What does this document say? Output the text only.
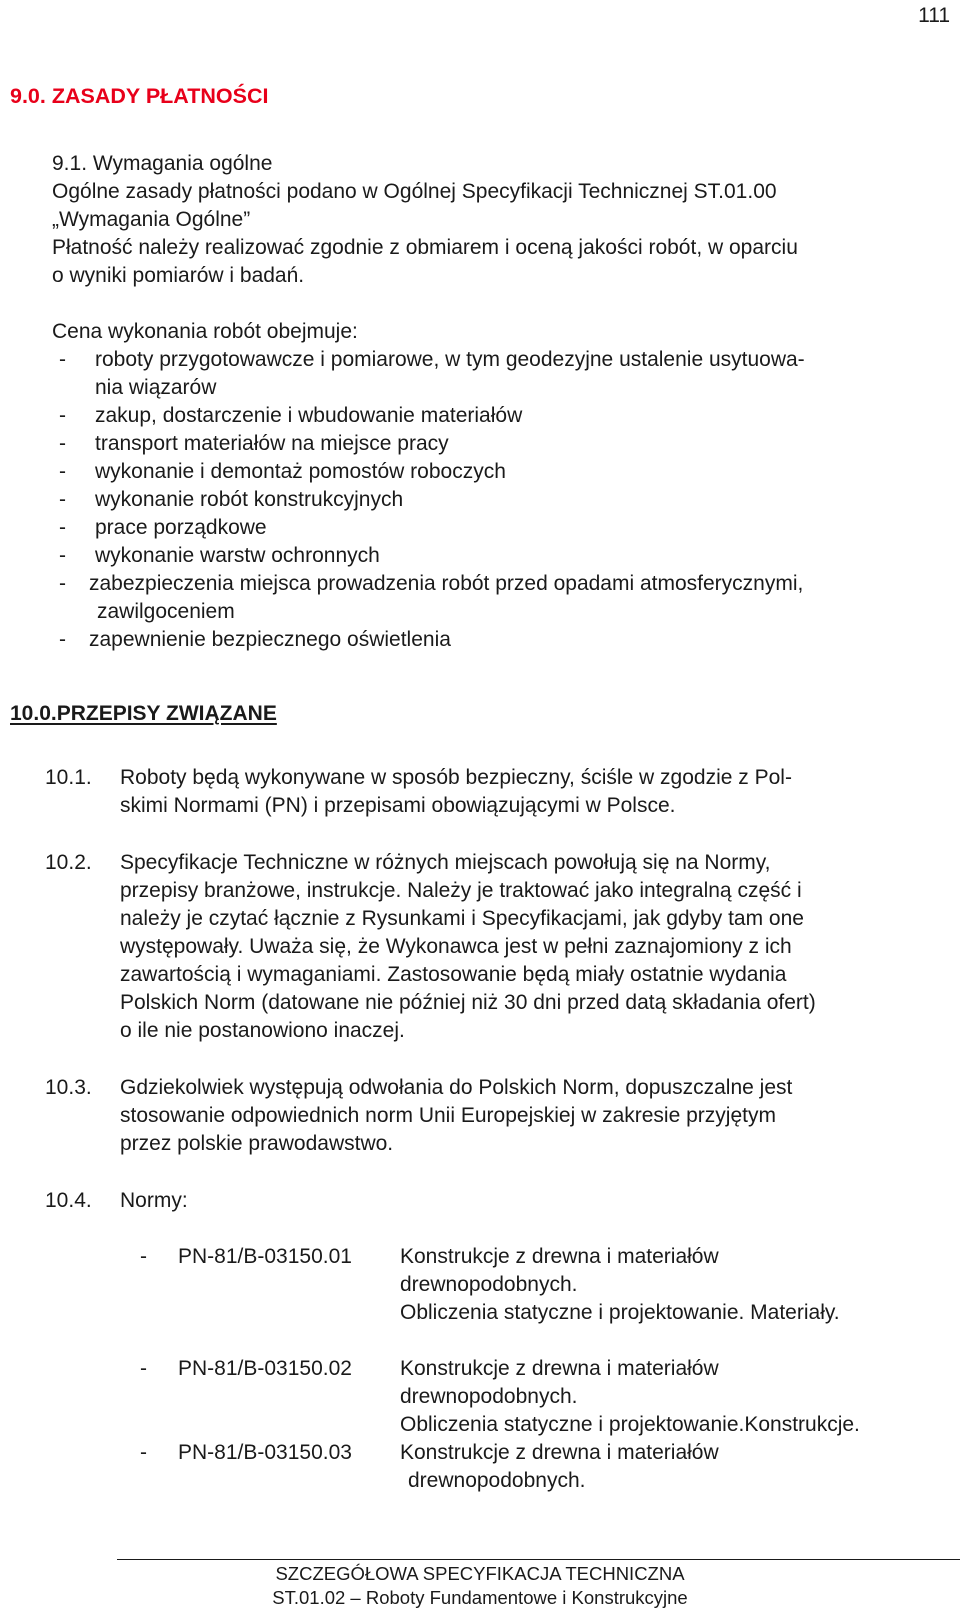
111
9.0. ZASADY PŁATNOŚCI
9.1. Wymagania ogólne
Ogólne zasady płatności podano w Ogólnej Specyfikacji Technicznej ST.01.00
„Wymagania Ogólne”
Płatność należy realizować zgodnie z obmiarem i oceną jakości robót, w oparciu
o wyniki pomiarów i badań.
Cena wykonania robót obejmuje:
- roboty przygotowawcze i pomiarowe, w tym geodezyjne ustalenie usytuowa-
nia wiązarów
- zakup, dostarczenie i wbudowanie materiałów
- transport materiałów na miejsce pracy
- wykonanie i demontaż pomostów roboczych
- wykonanie robót konstrukcyjnych
- prace porządkowe
- wykonanie warstw ochronnych
- zabezpieczenia miejsca prowadzenia robót przed opadami atmosferycznymi,
zawilgoceniem
- zapewnienie bezpiecznego oświetlenia
10.0.PRZEPISY ZWIĄZANE
10.1. Roboty będą wykonywane w sposób bezpieczny, ściśle w zgodzie z Pol-
skimi Normami (PN) i przepisami obowiązującymi w Polsce.
10.2. Specyfikacje Techniczne w różnych miejscach powołują się na Normy,
przepisy branżowe, instrukcje. Należy je traktować jako integralną część i
należy je czytać łącznie z Rysunkami i Specyfikacjami, jak gdyby tam one
występowały. Uważa się, że Wykonawca jest w pełni zaznajomiony z ich
zawartością i wymaganiami. Zastosowanie będą miały ostatnie wydania
Polskich Norm (datowane nie później niż 30 dni przed datą składania ofert)
o ile nie postanowiono inaczej.
10.3. Gdziekolwiek występują odwołania do Polskich Norm, dopuszczalne jest
stosowanie odpowiednich norm Unii Europejskiej w zakresie przyjętym
przez polskie prawodawstwo.
10.4. Normy:
- PN-81/B-03150.01 Konstrukcje z drewna i materiałów
drewnopodobnych.
Obliczenia statyczne i projektowanie. Materiały.
- PN-81/B-03150.02 Konstrukcje z drewna i materiałów
drewnopodobnych.
Obliczenia statyczne i projektowanie.Konstrukcje.
- PN-81/B-03150.03 Konstrukcje z drewna i materiałów
drewnopodobnych.
SZCZEGÓŁOWA SPECYFIKACJA TECHNICZNA
ST.01.02 – Roboty Fundamentowe i Konstrukcyjne
